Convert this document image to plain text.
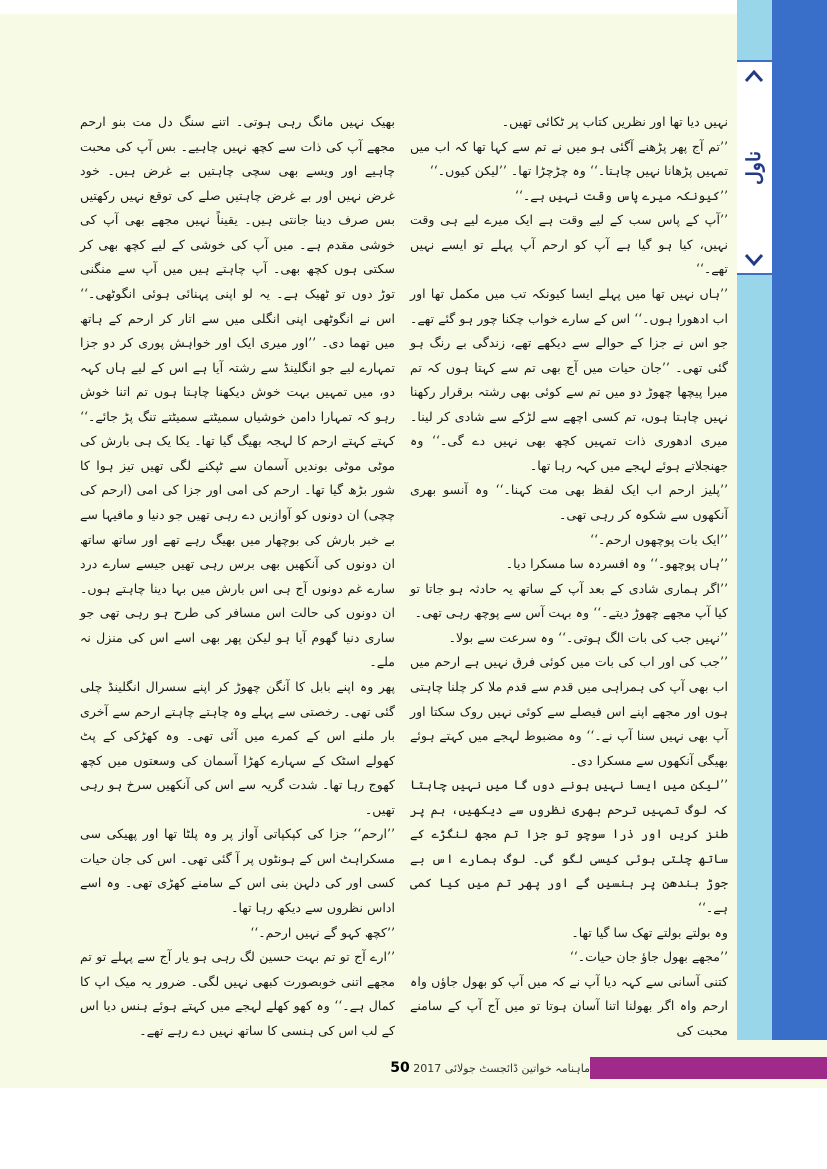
ناول

نہیں دیا تھا اور نظریں کتاب پر ٹکائی تھیں۔

’’تم آج پھر پڑھنے آگئی ہو میں نے تم سے کہا تھا کہ اب میں تمہیں پڑھانا نہیں چاہتا۔‘‘ وہ چڑچڑا تھا۔ ’’لیکن کیوں۔‘‘

’’کیونکہ میرے پاس وقت نہیں ہے۔‘‘

’’آپ کے پاس سب کے لیے وقت ہے ایک میرے لیے ہی وقت نہیں، کیا ہو گیا ہے آپ کو ارحم آپ پہلے تو ایسے نہیں تھے۔‘‘

’’ہاں نہیں تھا میں پہلے ایسا کیونکہ تب میں مکمل تھا اور اب ادھورا ہوں۔‘‘ اس کے سارے خواب چکنا چور ہو گئے تھے۔ جو اس نے جزا کے حوالے سے دیکھے تھے، زندگی بے رنگ ہو گئی تھی۔ ’’جان حیات میں آج بھی تم سے کہتا ہوں کہ تم میرا پیچھا چھوڑ دو میں تم سے کوئی بھی رشتہ برقرار رکھنا نہیں چاہتا ہوں، تم کسی اچھے سے لڑکے سے شادی کر لینا۔ میری ادھوری ذات تمہیں کچھ بھی نہیں دے گی۔‘‘ وہ جھنجلاتے ہوئے لہجے میں کہہ رہا تھا۔

’’پلیز ارحم اب ایک لفظ بھی مت کہنا۔‘‘ وہ آنسو بھری آنکھوں سے شکوہ کر رہی تھی۔

’’ایک بات پوچھوں ارحم۔‘‘

’’ہاں پوچھو۔‘‘ وہ افسردہ سا مسکرا دیا۔

’’اگر ہماری شادی کے بعد آپ کے ساتھ یہ حادثہ ہو جاتا تو کیا آپ مجھے چھوڑ دیتے۔‘‘ وہ بہت آس سے پوچھ رہی تھی۔

’’نہیں جب کی بات الگ ہوتی۔‘‘ وہ سرعت سے بولا۔

’’جب کی اور اب کی بات میں کوئی فرق نہیں ہے ارحم میں اب بھی آپ کی ہمراہی میں قدم سے قدم ملا کر چلنا چاہتی ہوں اور مجھے اپنے اس فیصلے سے کوئی نہیں روک سکتا اور آپ بھی نہیں سنا آپ نے۔‘‘ وہ مضبوط لہجے میں کہتے ہوئے بھیگی آنکھوں سے مسکرا دی۔

’’لیکن میں ایسا نہیں ہونے دوں گا میں نہیں چاہتا کہ لوگ تمہیں ترحم بھری نظروں سے دیکھیں، ہم پر طنز کریں اور ذرا سوچو تو جزا تم مجھ لنگڑے کے ساتھ چلتی ہوئی کیسی لگو گی۔ لوگ ہمارے اس بے جوڑ بندھن پر ہنسیں گے اور پھر تم میں کیا کمی ہے۔‘‘

وہ بولتے بولتے تھک سا گیا تھا۔

’’مجھے بھول جاؤ جان حیات۔‘‘

کتنی آسانی سے کہہ دیا آپ نے کہ میں آپ کو بھول جاؤں واہ ارحم واہ اگر بھولنا اتنا آسان ہوتا تو میں آج آپ کے سامنے محبت کی

بھیک نہیں مانگ رہی ہوتی۔ اتنے سنگ دل مت بنو ارحم مجھے آپ کی ذات سے کچھ نہیں چاہیے۔ بس آپ کی محبت چاہیے اور ویسے بھی سچی چاہتیں بے غرض ہیں۔ خود غرض نہیں اور بے غرض چاہتیں صلے کی توقع نہیں رکھتیں بس صرف دینا جانتی ہیں۔ یقیناً نہیں مجھے بھی آپ کی خوشی مقدم ہے۔ میں آپ کی خوشی کے لیے کچھ بھی کر سکتی ہوں کچھ بھی۔ آپ چاہتے ہیں میں آپ سے منگنی توڑ دوں تو ٹھیک ہے۔ یہ لو اپنی پہنائی ہوئی انگوٹھی۔‘‘ اس نے انگوٹھی اپنی انگلی میں سے اتار کر ارحم کے ہاتھ میں تھما دی۔ ’’اور میری ایک اور خواہش پوری کر دو جزا تمہارے لیے جو انگلینڈ سے رشتہ آیا ہے اس کے لیے ہاں کہہ دو، میں تمہیں بہت خوش دیکھنا چاہتا ہوں تم اتنا خوش رہو کہ تمہارا دامن خوشیاں سمیٹتے سمیٹتے تنگ پڑ جائے۔‘‘ کہتے کہتے ارحم کا لہجہ بھیگ گیا تھا۔ یکا یک ہی بارش کی موٹی موٹی بوندیں آسمان سے ٹپکنے لگی تھیں تیز ہوا کا شور بڑھ گیا تھا۔ ارحم کی امی اور جزا کی امی (ارحم کی چچی) ان دونوں کو آوازیں دے رہی تھیں جو دنیا و مافیہا سے بے خبر بارش کی بوچھار میں بھیگ رہے تھے اور ساتھ ساتھ ان دونوں کی آنکھیں بھی برس رہی تھیں جیسے سارے درد سارے غم دونوں آج ہی اس بارش میں بہا دینا چاہتے ہوں۔ ان دونوں کی حالت اس مسافر کی طرح ہو رہی تھی جو ساری دنیا گھوم آیا ہو لیکن پھر بھی اسے اس کی منزل نہ ملے۔

پھر وہ اپنے بابل کا آنگن چھوڑ کر اپنے سسرال انگلینڈ چلی گئی تھی۔ رخصتی سے پہلے وہ چاہتے چاہتے ارحم سے آخری بار ملنے اس کے کمرے میں آئی تھی۔ وہ کھڑکی کے پٹ کھولے اسٹک کے سہارے کھڑا آسمان کی وسعتوں میں کچھ کھوج رہا تھا۔ شدت گریہ سے اس کی آنکھیں سرخ ہو رہی تھیں۔

’’ارحم‘‘ جزا کی کپکپاتی آواز پر وہ پلٹا تھا اور پھیکی سی مسکراہٹ اس کے ہونٹوں پر آ گئی تھی۔ اس کی جان حیات کسی اور کی دلہن بنی اس کے سامنے کھڑی تھی۔ وہ اسے اداس نظروں سے دیکھ رہا تھا۔

’’کچھ کہو گے نہیں ارحم۔‘‘

’’ارے آج تو تم بہت حسین لگ رہی ہو یار آج سے پہلے تو تم مجھے اتنی خوبصورت کبھی نہیں لگی۔ ضرور یہ میک اپ کا کمال ہے۔‘‘ وہ کھو کھلے لہجے میں کہتے ہوئے ہنس دیا اس کے لب اس کی ہنسی کا ساتھ نہیں دے رہے تھے۔

ماہنامہ خواتین ڈائجسٹ جولائی 2017 50
